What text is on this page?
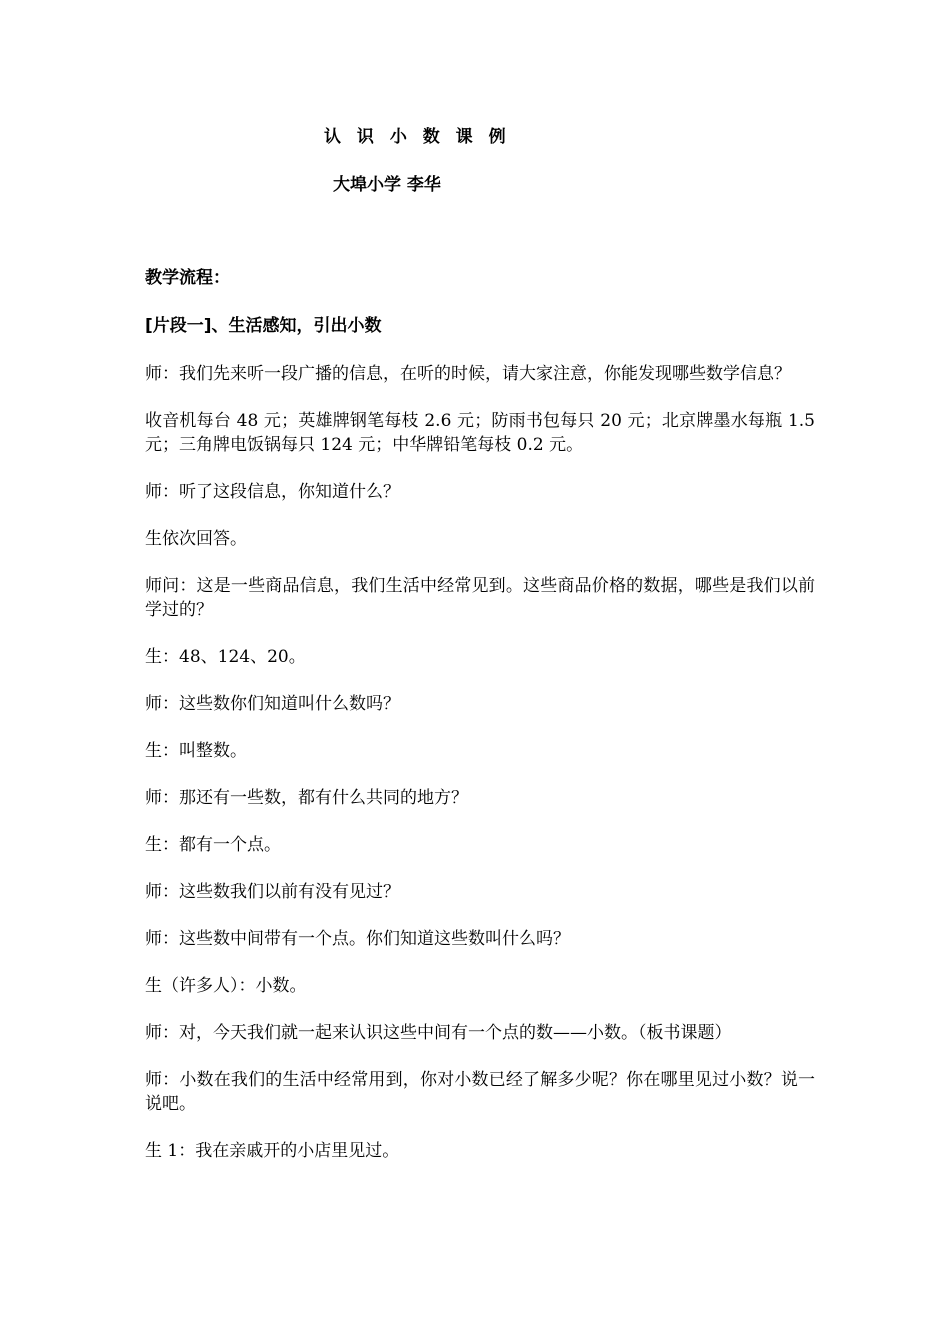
认 识 小 数 课 例
大埠小学 李华
教学流程：
[片段一]、生活感知，引出小数

师：我们先来听一段广播的信息，在听的时候，请大家注意，你能发现哪些数学信息？

收音机每台 48 元；英雄牌钢笔每枝 2.6 元；防雨书包每只 20 元；北京牌墨水每瓶 1.5 元；三角牌电饭锅每只 124 元；中华牌铅笔每枝 0.2 元。

师：听了这段信息，你知道什么？

生依次回答。

师问：这是一些商品信息，我们生活中经常见到。这些商品价格的数据，哪些是我们以前学过的？

生：48、124、20。

师：这些数你们知道叫什么数吗？

生：叫整数。

师：那还有一些数，都有什么共同的地方？

生：都有一个点。

师：这些数我们以前有没有见过？

师：这些数中间带有一个点。你们知道这些数叫什么吗？

生（许多人）：小数。

师：对，今天我们就一起来认识这些中间有一个点的数——小数。（板书课题）

师：小数在我们的生活中经常用到，你对小数已经了解多少呢？你在哪里见过小数？说一说吧。

生 1：我在亲戚开的小店里见过。
